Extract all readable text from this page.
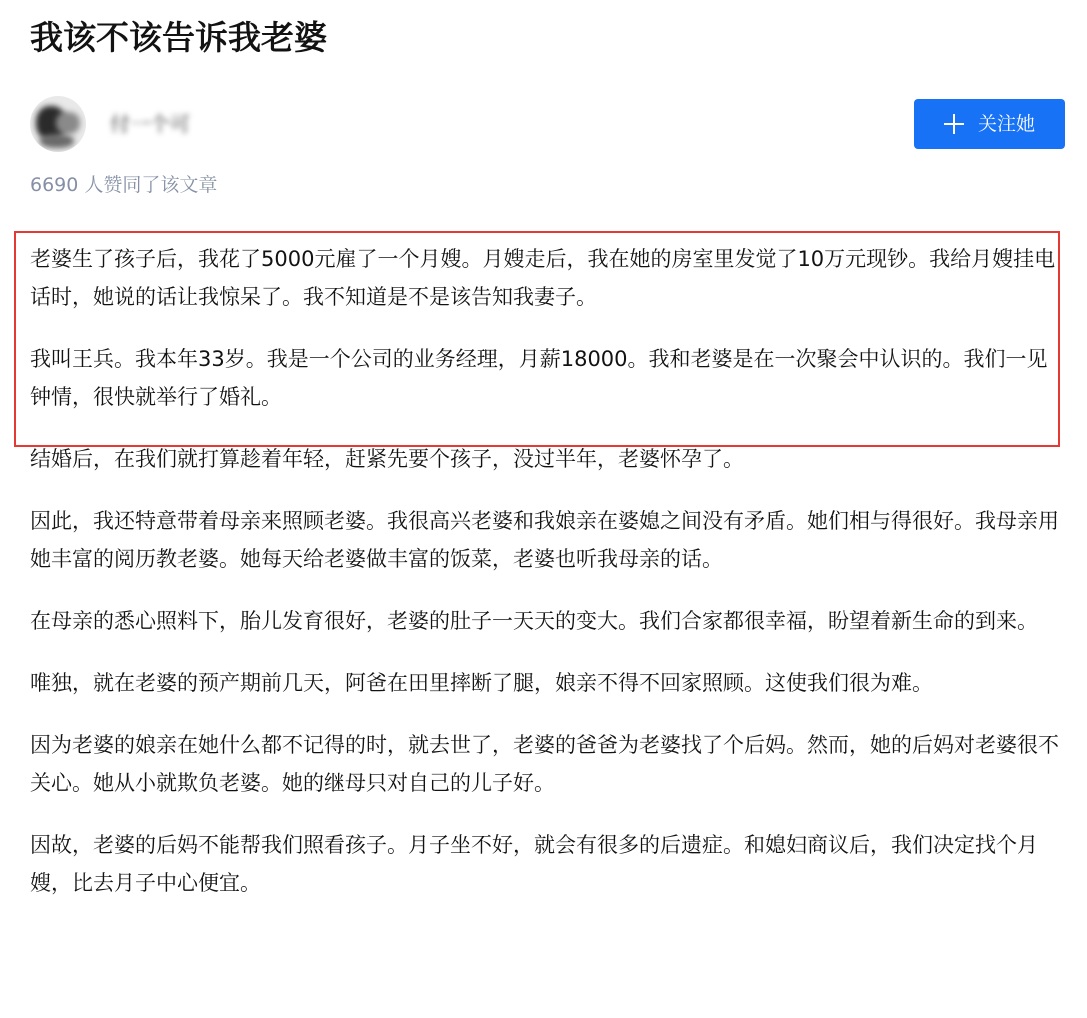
我该不该告诉我老婆
付一个可	关注她
6690 人赞同了该文章

老婆生了孩子后，我花了5000元雇了一个月嫂。月嫂走后，我在她的房室里发觉了10万元现钞。我给月嫂挂电话时，她说的话让我惊呆了。我不知道是不是该告知我妻子。

我叫王兵。我本年33岁。我是一个公司的业务经理，月薪18000。我和老婆是在一次聚会中认识的。我们一见钟情，很快就举行了婚礼。

结婚后，在我们就打算趁着年轻，赶紧先要个孩子，没过半年，老婆怀孕了。

因此，我还特意带着母亲来照顾老婆。我很高兴老婆和我娘亲在婆媳之间没有矛盾。她们相与得很好。我母亲用她丰富的阅历教老婆。她每天给老婆做丰富的饭菜，老婆也听我母亲的话。

在母亲的悉心照料下，胎儿发育很好，老婆的肚子一天天的变大。我们合家都很幸福，盼望着新生命的到来。

唯独，就在老婆的预产期前几天，阿爸在田里摔断了腿，娘亲不得不回家照顾。这使我们很为难。

因为老婆的娘亲在她什么都不记得的时，就去世了，老婆的爸爸为老婆找了个后妈。然而，她的后妈对老婆很不关心。她从小就欺负老婆。她的继母只对自己的儿子好。

因故，老婆的后妈不能帮我们照看孩子。月子坐不好，就会有很多的后遗症。和媳妇商议后，我们决定找个月嫂，比去月子中心便宜。
